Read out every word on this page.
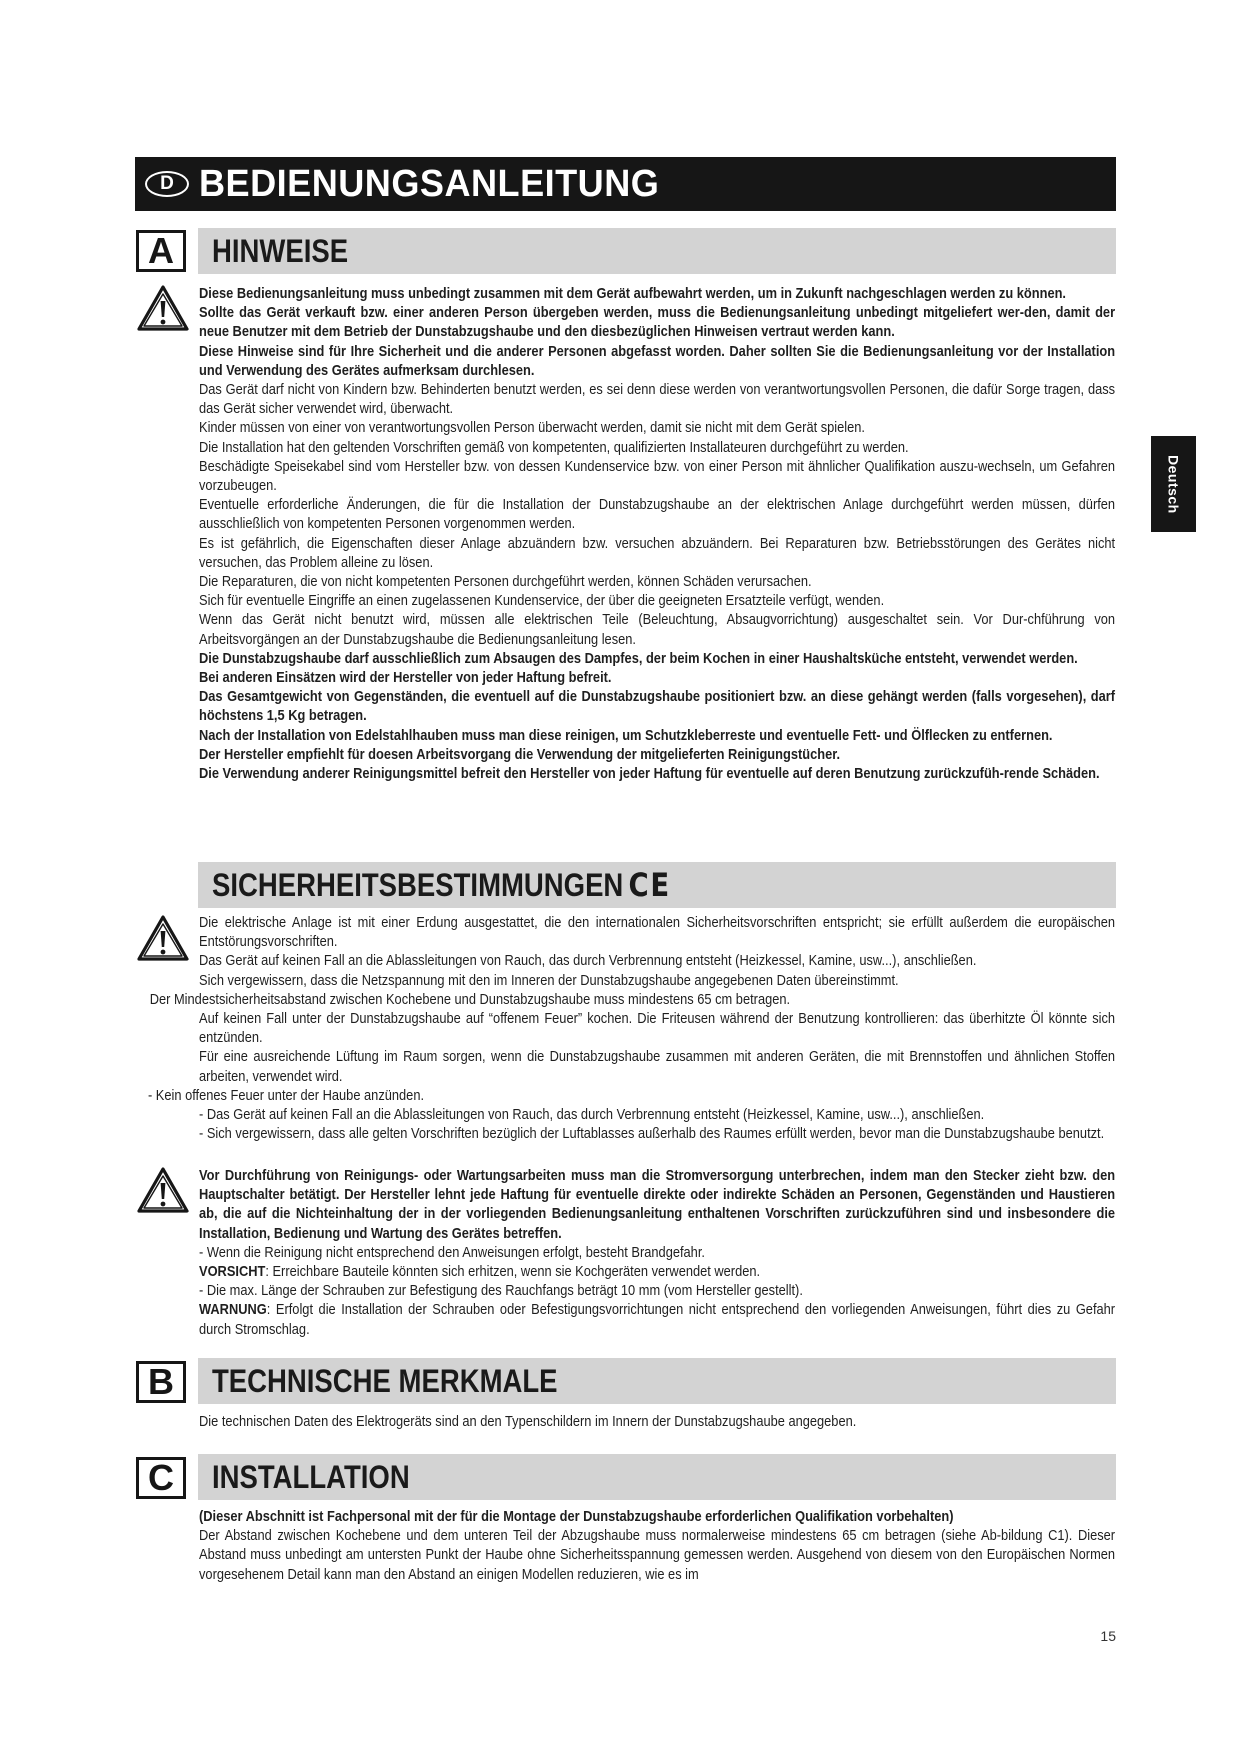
D BEDIENUNGSANLEITUNG
Deutsch
A	HINWEISE

Diese Bedienungsanleitung muss unbedingt zusammen mit dem Gerät aufbewahrt werden, um in Zukunft nachgeschlagen werden zu können.

Sollte das Gerät verkauft bzw. einer anderen Person übergeben werden, muss die Bedienungsanleitung unbedingt mitgeliefert wer-den, damit der neue Benutzer mit dem Betrieb der Dunstabzugshaube und den diesbezüglichen Hinweisen vertraut werden kann.

Diese Hinweise sind für Ihre Sicherheit und die anderer Personen abgefasst worden. Daher sollten Sie die Bedienungsanleitung vor der Installation und Verwendung des Gerätes aufmerksam durchlesen.

Das Gerät darf nicht von Kindern bzw. Behinderten benutzt werden, es sei denn diese werden von verantwortungsvollen Personen, die dafür Sorge tragen, dass das Gerät sicher verwendet wird, überwacht.

Kinder müssen von einer von verantwortungsvollen Person überwacht werden, damit sie nicht mit dem Gerät spielen.

Die Installation hat den geltenden Vorschriften gemäß von kompetenten, qualifizierten Installateuren durchgeführt zu werden.

Beschädigte Speisekabel sind vom Hersteller bzw. von dessen Kundenservice bzw. von einer Person mit ähnlicher Qualifikation auszu-wechseln, um Gefahren vorzubeugen.

Eventuelle erforderliche Änderungen, die für die Installation der Dunstabzugshaube an der elektrischen Anlage durchgeführt werden müssen, dürfen ausschließlich von kompetenten Personen vorgenommen werden.

Es ist gefährlich, die Eigenschaften dieser Anlage abzuändern bzw. versuchen abzuändern. Bei Reparaturen bzw. Betriebsstörungen des Gerätes nicht versuchen, das Problem alleine zu lösen.

Die Reparaturen, die von nicht kompetenten Personen durchgeführt werden, können Schäden verursachen.

Sich für eventuelle Eingriffe an einen zugelassenen Kundenservice, der über die geeigneten Ersatzteile verfügt, wenden.

Wenn das Gerät nicht benutzt wird, müssen alle elektrischen Teile (Beleuchtung, Absaugvorrichtung) ausgeschaltet sein. Vor Dur-chführung von Arbeitsvorgängen an der Dunstabzugshaube die Bedienungsanleitung lesen.

Die Dunstabzugshaube darf ausschließlich zum Absaugen des Dampfes, der beim Kochen in einer Haushaltsküche entsteht, verwendet werden.

Bei anderen Einsätzen wird der Hersteller von jeder Haftung befreit.

Das Gesamtgewicht von Gegenständen, die eventuell auf die Dunstabzugshaube positioniert bzw. an diese gehängt werden (falls vorgesehen), darf höchstens 1,5 Kg betragen.

Nach der Installation von Edelstahlhauben muss man diese reinigen, um Schutzkleberreste und eventuelle Fett- und Ölflecken zu entfernen.

Der Hersteller empfiehlt für doesen Arbeitsvorgang die Verwendung der mitgelieferten Reinigungstücher.

Die Verwendung anderer Reinigungsmittel befreit den Hersteller von jeder Haftung für eventuelle auf deren Benutzung zurückzufüh-rende Schäden.

SICHERHEITSBESTIMMUNGEN CE

Die elektrische Anlage ist mit einer Erdung ausgestattet, die den internationalen Sicherheitsvorschriften entspricht; sie erfüllt außerdem die europäischen Entstörungsvorschriften.

Das Gerät auf keinen Fall an die Ablassleitungen von Rauch, das durch Verbrennung entsteht (Heizkessel, Kamine, usw...), anschließen.

Sich vergewissern, dass die Netzspannung mit den im Inneren der Dunstabzugshaube angegebenen Daten übereinstimmt.

Der Mindestsicherheitsabstand zwischen Kochebene und Dunstabzugshaube muss mindestens 65 cm betragen.

Auf keinen Fall unter der Dunstabzugshaube auf “offenem Feuer” kochen. Die Friteusen während der Benutzung kontrollieren: das überhitzte Öl könnte sich entzünden.

Für eine ausreichende Lüftung im Raum sorgen, wenn die Dunstabzugshaube zusammen mit anderen Geräten, die mit Brennstoffen und ähnlichen Stoffen arbeiten, verwendet wird.

- Kein offenes Feuer unter der Haube anzünden.

- Das Gerät auf keinen Fall an die Ablassleitungen von Rauch, das durch Verbrennung entsteht (Heizkessel, Kamine, usw...), anschließen.

- Sich vergewissern, dass alle gelten Vorschriften bezüglich der Luftablasses außerhalb des Raumes erfüllt werden, bevor man die Dunstabzugshaube benutzt.

Vor Durchführung von Reinigungs- oder Wartungsarbeiten muss man die Stromversorgung unterbrechen, indem man den Stecker zieht bzw. den Hauptschalter betätigt. Der Hersteller lehnt jede Haftung für eventuelle direkte oder indirekte Schäden an Personen, Gegenständen und Haustieren ab, die auf die Nichteinhaltung der in der vorliegenden Bedienungsanleitung enthaltenen Vorschriften zurückzuführen sind und insbesondere die Installation, Bedienung und Wartung des Gerätes betreffen.

- Wenn die Reinigung nicht entsprechend den Anweisungen erfolgt, besteht Brandgefahr.

VORSICHT: Erreichbare Bauteile könnten sich erhitzen, wenn sie Kochgeräten verwendet werden.

- Die max. Länge der Schrauben zur Befestigung des Rauchfangs beträgt 10 mm (vom Hersteller gestellt).

WARNUNG: Erfolgt die Installation der Schrauben oder Befestigungsvorrichtungen nicht entsprechend den vorliegenden Anweisungen, führt dies zu Gefahr durch Stromschlag.

B	TECHNISCHE MERKMALE

Die technischen Daten des Elektrogeräts sind an den Typenschildern im Innern der Dunstabzugshaube angegeben.

C	INSTALLATION

(Dieser Abschnitt ist Fachpersonal mit der für die Montage der Dunstabzugshaube erforderlichen Qualifikation vorbehalten)

Der Abstand zwischen Kochebene und dem unteren Teil der Abzugshaube muss normalerweise mindestens 65 cm betragen (siehe Ab-bildung C1). Dieser Abstand muss unbedingt am untersten Punkt der Haube ohne Sicherheitsspannung gemessen werden. Ausgehend von diesem von den Europäischen Normen vorgesehenem Detail kann man den Abstand an einigen Modellen reduzieren, wie es im

15
